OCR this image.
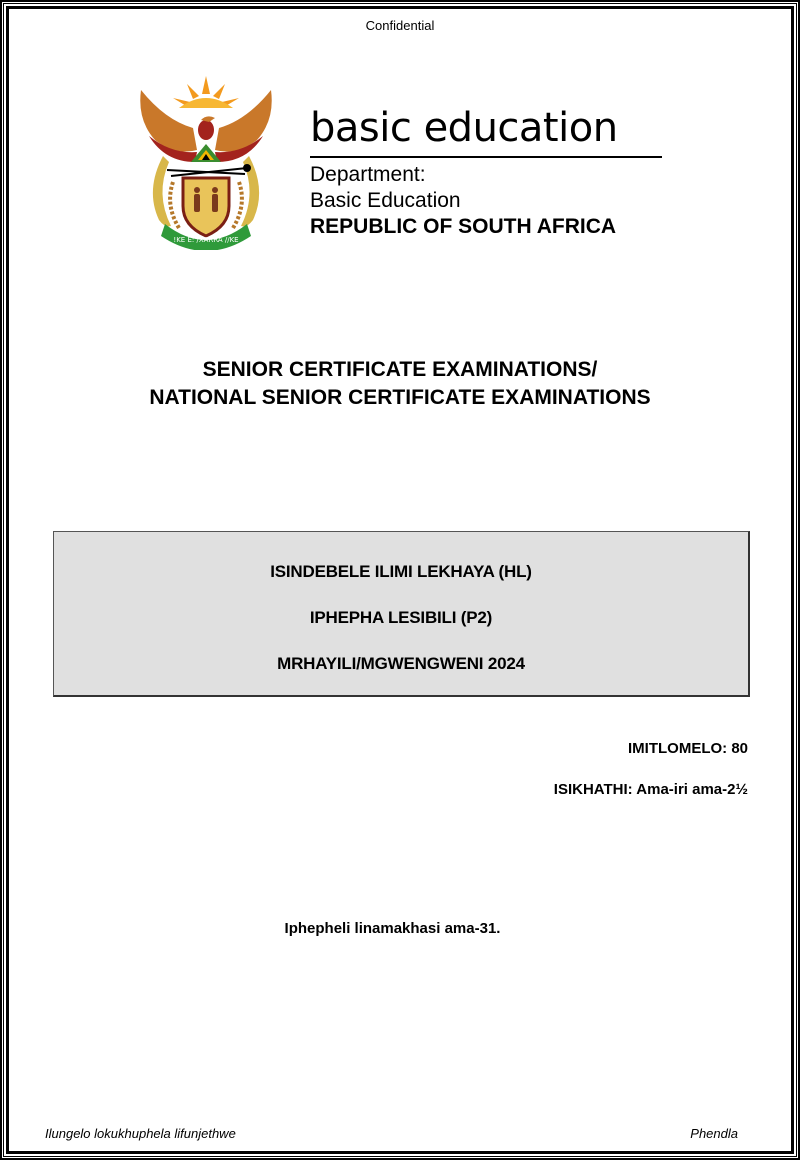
Confidential
!KE E: /XARRA //KE
basic education
Department:
Basic Education
REPUBLIC OF SOUTH AFRICA
SENIOR CERTIFICATE EXAMINATIONS/
NATIONAL SENIOR CERTIFICATE EXAMINATIONS
ISINDEBELE ILIMI LEKHAYA (HL)
IPHEPHA LESIBILI (P2)
MRHAYILI/MGWENGWENI 2024
IMITLOMELO: 80
ISIKHATHI: Ama-iri ama-2½
Iphepheli linamakhasi ama-31.
Ilungelo lokukhuphela lifunjethwe	Phendla
